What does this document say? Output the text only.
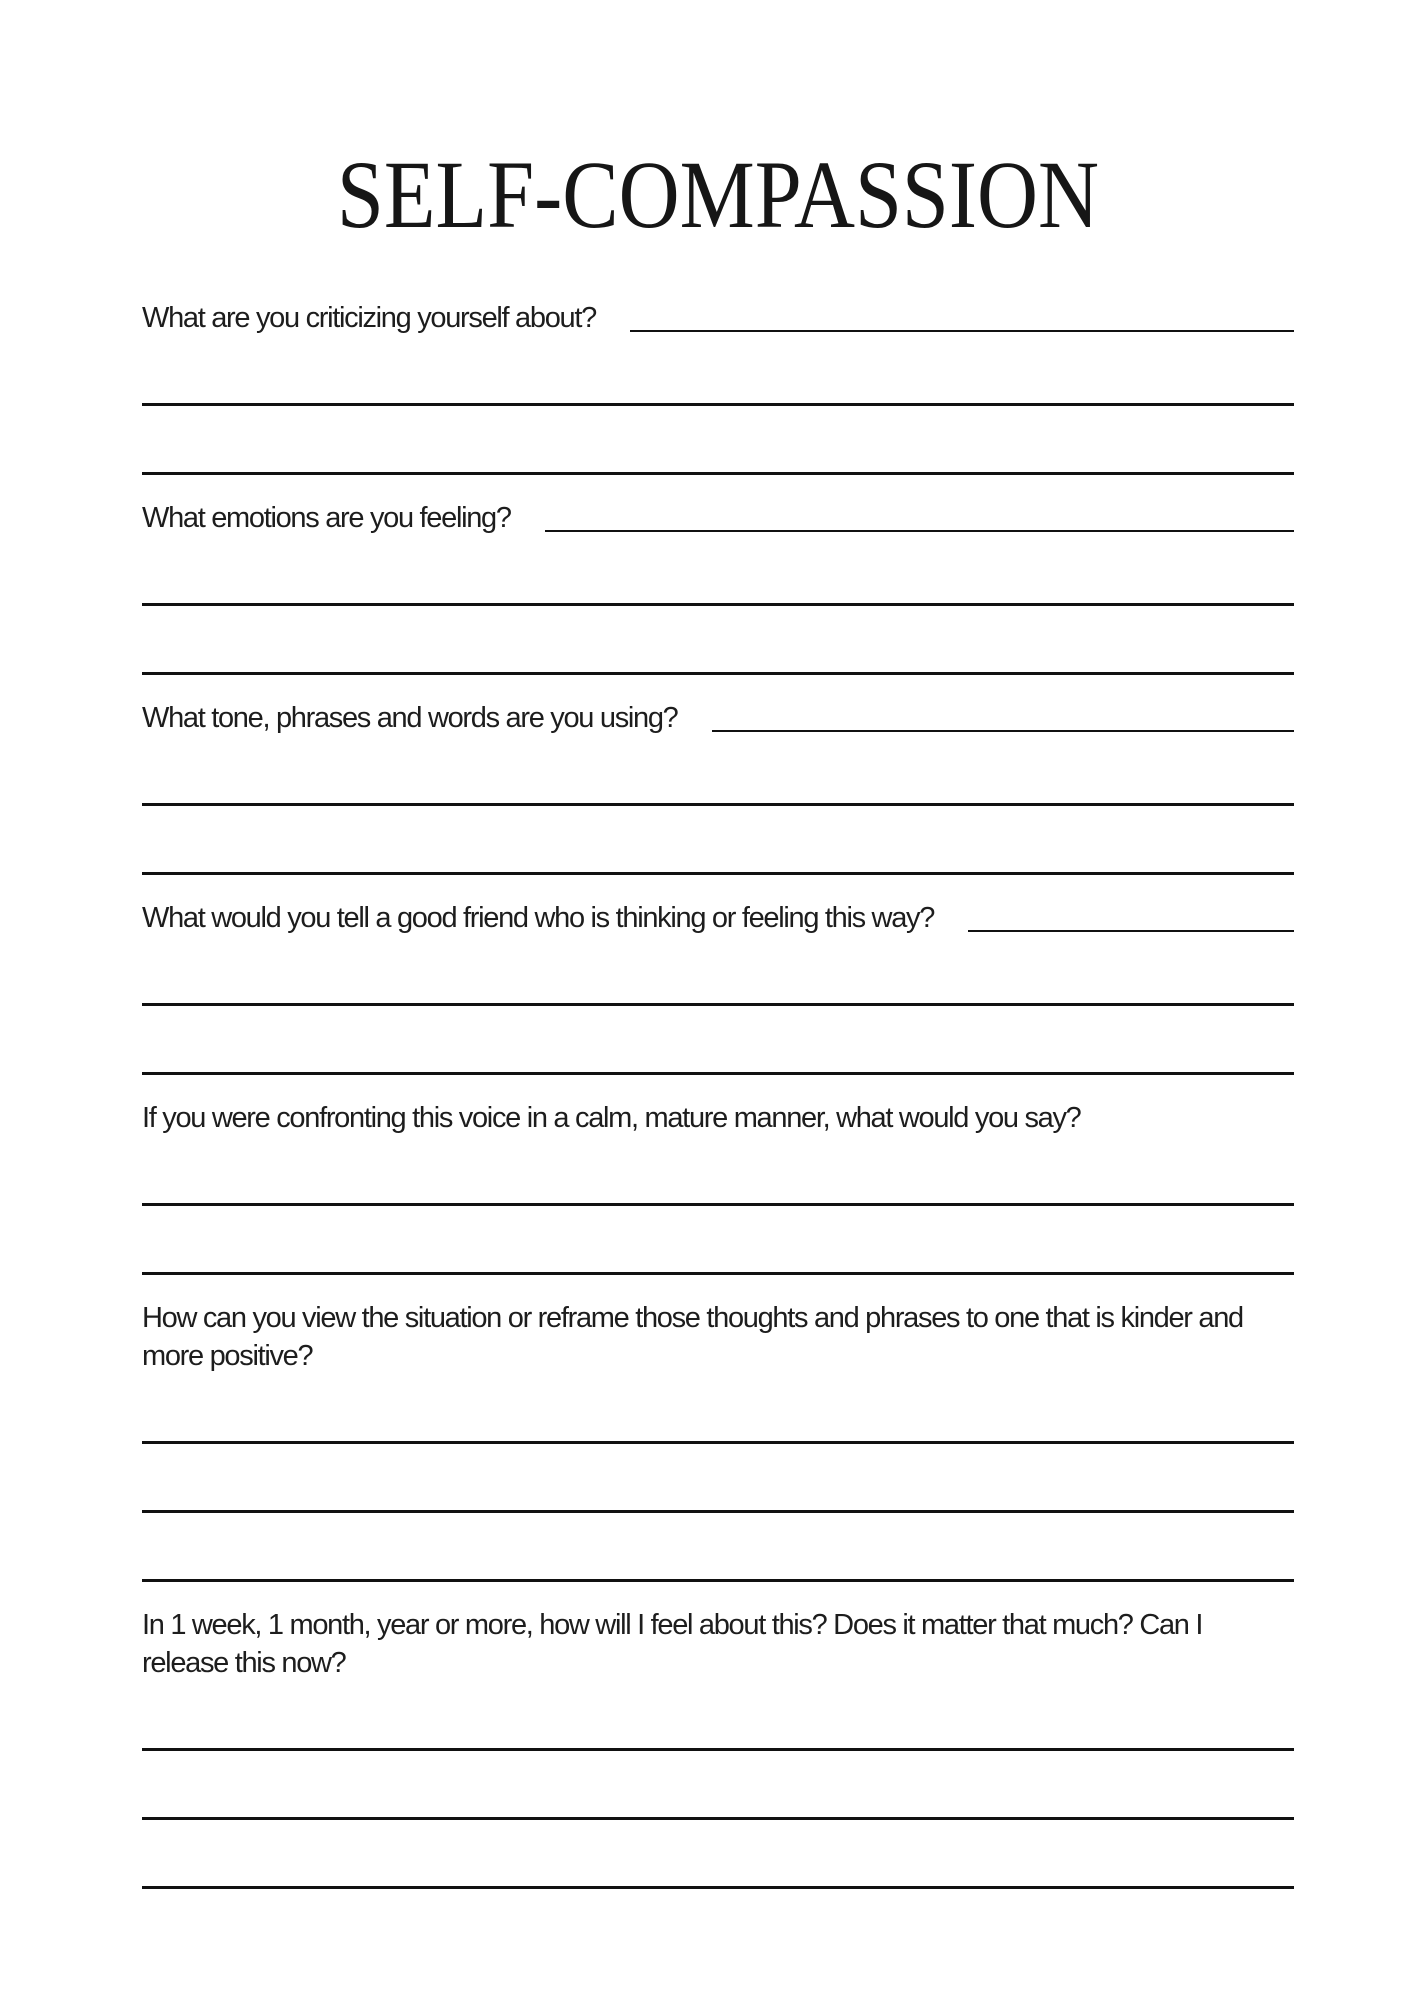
SELF-COMPASSION
What are you criticizing yourself about?
What emotions are you feeling?
What tone, phrases and words are you using?
What would you tell a good friend who is thinking or feeling this way?
If you were confronting this voice in a calm, mature manner, what would you say?
How can you view the situation or reframe those thoughts and phrases to one that is kinder and more positive?
In 1 week, 1 month, year or more, how will I feel about this? Does it matter that much? Can I release this now?
